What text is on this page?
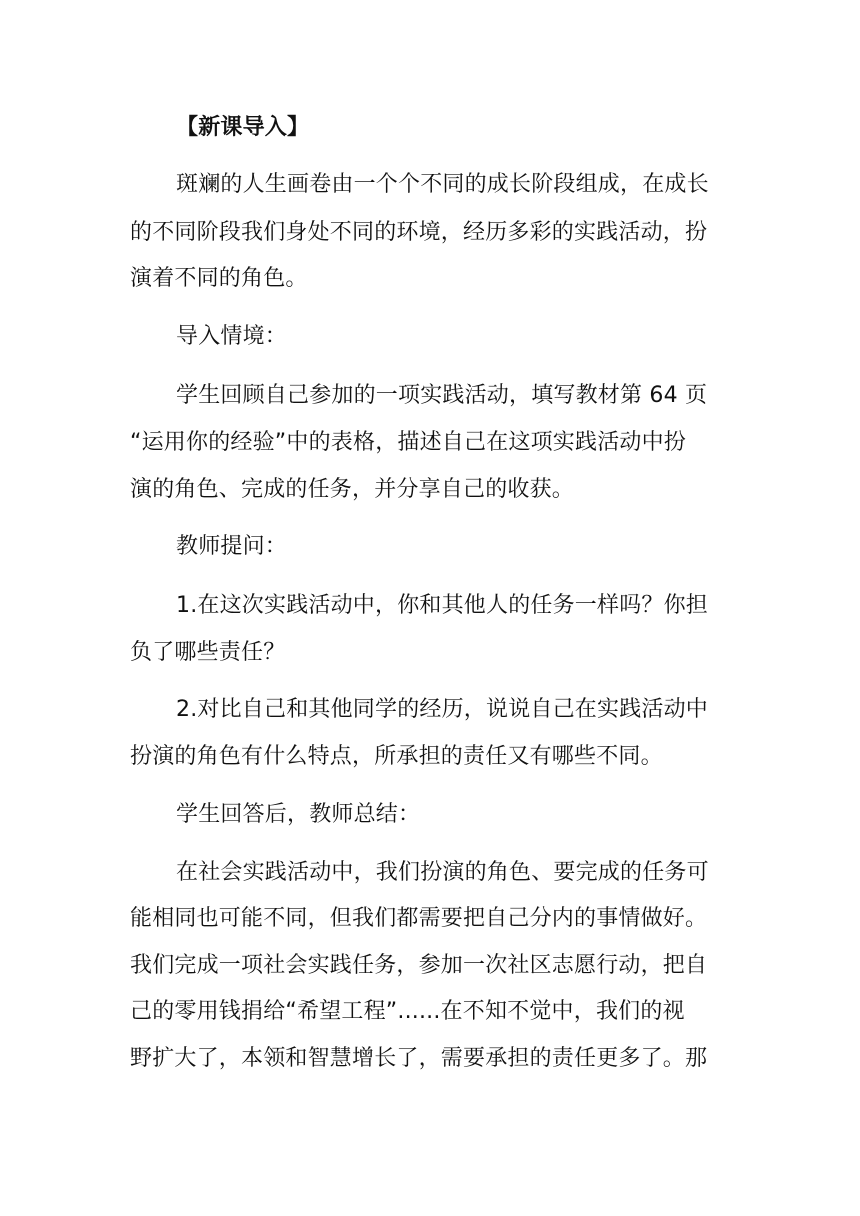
【新课导入】
斑斓的人生画卷由一个个不同的成长阶段组成，在成长
的不同阶段我们身处不同的环境，经历多彩的实践活动，扮
演着不同的角色。
导入情境：
学生回顾自己参加的一项实践活动，填写教材第 64 页
“运用你的经验”中的表格，描述自己在这项实践活动中扮
演的角色、完成的任务，并分享自己的收获。
教师提问：
1.在这次实践活动中，你和其他人的任务一样吗？你担
负了哪些责任？
2.对比自己和其他同学的经历，说说自己在实践活动中
扮演的角色有什么特点，所承担的责任又有哪些不同。
学生回答后，教师总结：
在社会实践活动中，我们扮演的角色、要完成的任务可
能相同也可能不同，但我们都需要把自己分内的事情做好。
我们完成一项社会实践任务，参加一次社区志愿行动，把自
己的零用钱捐给“希望工程”......在不知不觉中，我们的视
野扩大了，本领和智慧增长了，需要承担的责任更多了。那
